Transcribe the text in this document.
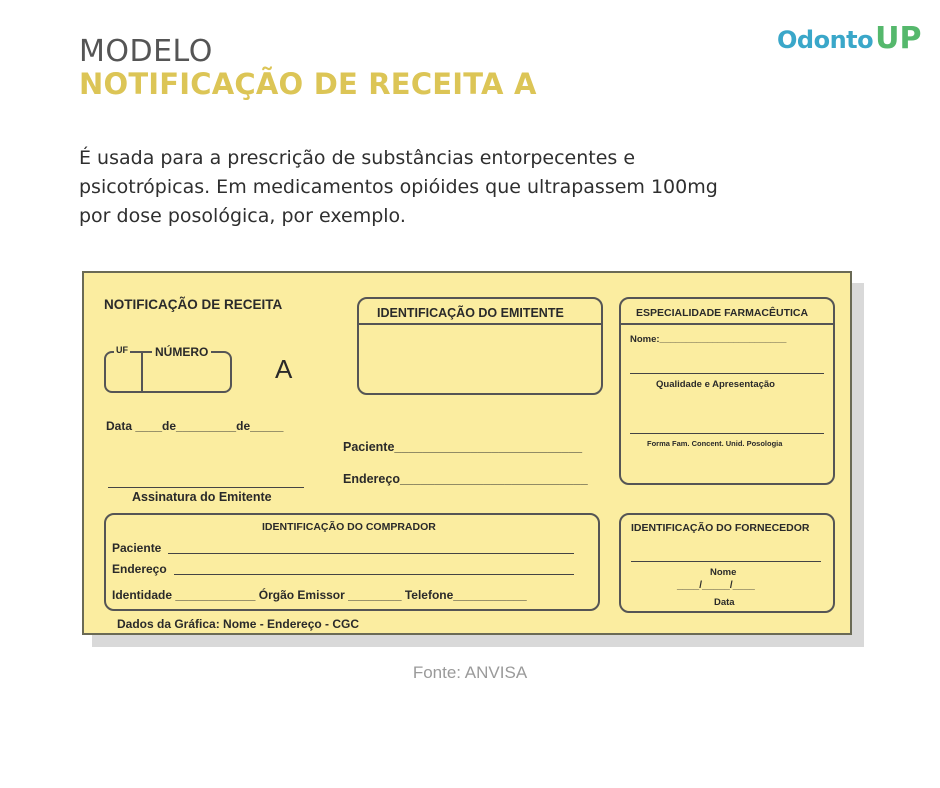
Odonto UP
MODELO
NOTIFICAÇÃO DE RECEITA A
É usada para a prescrição de substâncias entorpecentes e
psicotrópicas. Em medicamentos opióides que ultrapassem 100mg
por dose posológica, por exemplo.
NOTIFICAÇÃO DE RECEITA
UF NÚMERO
A
Data ____de_________de_____
Assinatura do Emitente
IDENTIFICAÇÃO DO EMITENTE
Paciente___________________________
Endereço___________________________
ESPECIALIDADE FARMACÊUTICA
Nome:________________________
Qualidade e Apresentação
Forma Fam. Concent. Unid. Posologia
IDENTIFICAÇÃO DO COMPRADOR
Paciente
Endereço
Identidade ____________ Órgão Emissor ________ Telefone___________
Dados da Gráfica: Nome - Endereço - CGC
IDENTIFICAÇÃO DO FORNECEDOR
Nome
____/_____/____
Data
Fonte: ANVISA
